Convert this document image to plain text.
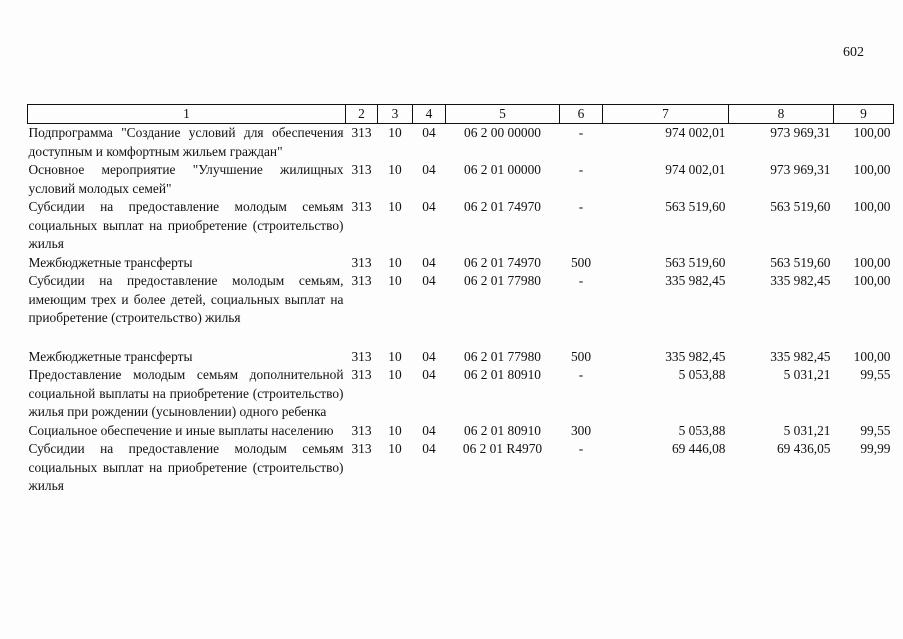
602
1	2	3	4	5	6	7	8	9
Подпрограмма "Создание условий для обеспечения доступным и комфортным жильем граждан"	313	10	04	06 2 00 00000	-	974 002,01	973 969,31	100,00
Основное мероприятие "Улучшение жилищных условий молодых семей"	313	10	04	06 2 01 00000	-	974 002,01	973 969,31	100,00
Субсидии на предоставление молодым семьям социальных выплат на приобретение (строительство) жилья	313	10	04	06 2 01 74970	-	563 519,60	563 519,60	100,00
Межбюджетные трансферты	313	10	04	06 2 01 74970	500	563 519,60	563 519,60	100,00
Субсидии на предоставление молодым семьям, имеющим трех и более детей, социальных выплат на приобретение (строительство) жилья	313	10	04	06 2 01 77980	-	335 982,45	335 982,45	100,00

Межбюджетные трансферты	313	10	04	06 2 01 77980	500	335 982,45	335 982,45	100,00
Предоставление молодым семьям дополнительной социальной выплаты на приобретение (строительство) жилья при рождении (усыновлении) одного ребенка	313	10	04	06 2 01 80910	-	5 053,88	5 031,21	99,55
Социальное обеспечение и иные выплаты населению	313	10	04	06 2 01 80910	300	5 053,88	5 031,21	99,55
Субсидии на предоставление молодым семьям социальных выплат на приобретение (строительство) жилья	313	10	04	06 2 01 R4970	-	69 446,08	69 436,05	99,99
